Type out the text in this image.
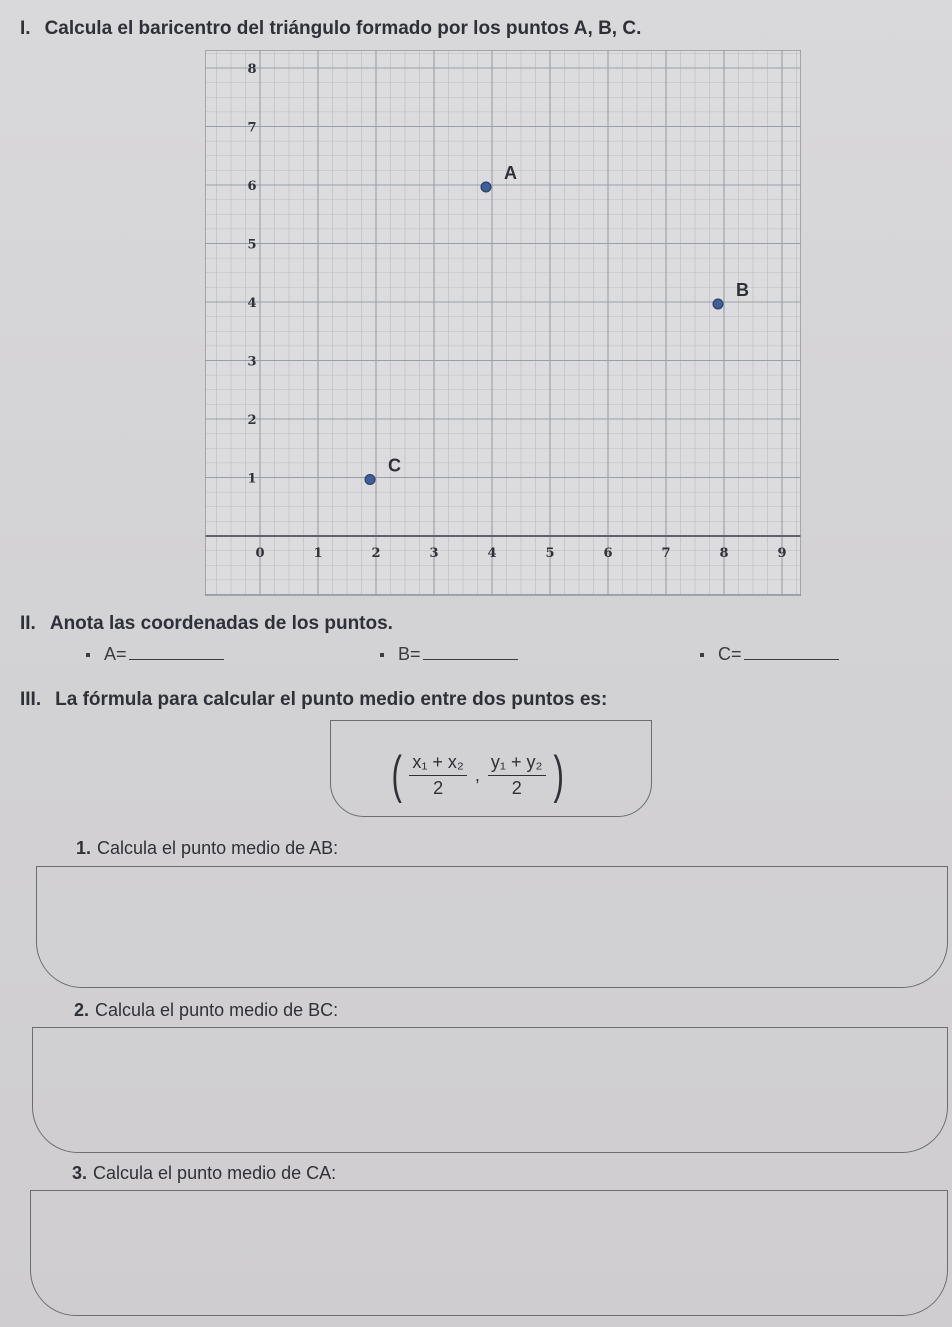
I. Calcula el baricentro del triángulo formado por los puntos A, B, C.
0	1	2	3	4	5	6	7	8	9
1
2
3
4
5
6
7
8
A
B
C
II. Anota las coordenadas de los puntos.
A=	B=	C=
III. La fórmula para calcular el punto medio entre dos puntos es:
( $\frac{\text{x₁ + x₂}}{2}$ , $\frac{\text{y₁ + y₂}}{2}$ )
1. Calcula el punto medio de AB:
2. Calcula el punto medio de BC:
3. Calcula el punto medio de CA:
